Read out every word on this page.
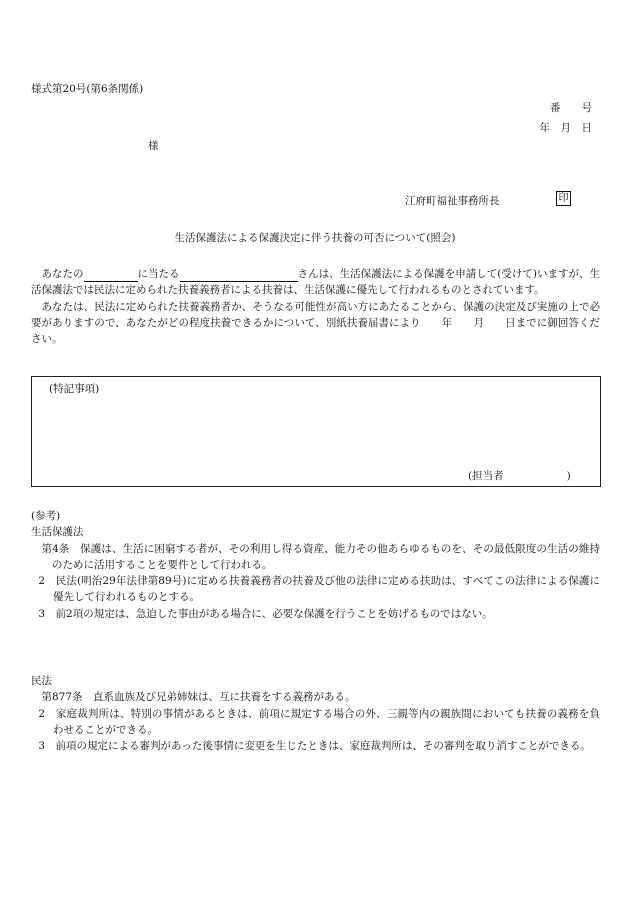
様式第20号(第6条関係)
番　　号
年　月　日
様
江府町福祉事務所長	印
生活保護法による保護決定に伴う扶養の可否について(照会)

あなたの	に当たる	さんは、生活保護法による保護を申請して(受けて)いますが、生活保護法では民法に定められた扶養義務者による扶養は、生活保護に優先して行われるものとされています。

あなたは、民法に定められた扶養義務者か、そうなる可能性が高い方にあたることから、保護の決定及び実施の上で必要がありますので、あなたがどの程度扶養できるかについて、別紙扶養届書により　　年　　月　　日までに御回答ください。

(特記事項)
(担当者　　　　　　)

(参考)

生活保護法

第4条　保護は、生活に困窮する者が、その利用し得る資産、能力その他あらゆるものを、その最低限度の生活の維持のために活用することを要件として行われる。

2　民法(明治29年法律第89号)に定める扶養義務者の扶養及び他の法律に定める扶助は、すべてこの法律による保護に優先して行われるものとする。

3　前2項の規定は、急迫した事由がある場合に、必要な保護を行うことを妨げるものではない。

民法

第877条　直系血族及び兄弟姉妹は、互に扶養をする義務がある。

2　家庭裁判所は、特別の事情があるときは、前項に規定する場合の外、三親等内の親族間においても扶養の義務を負わせることができる。

3　前項の規定による審判があった後事情に変更を生じたときは、家庭裁判所は、その審判を取り消すことができる。
